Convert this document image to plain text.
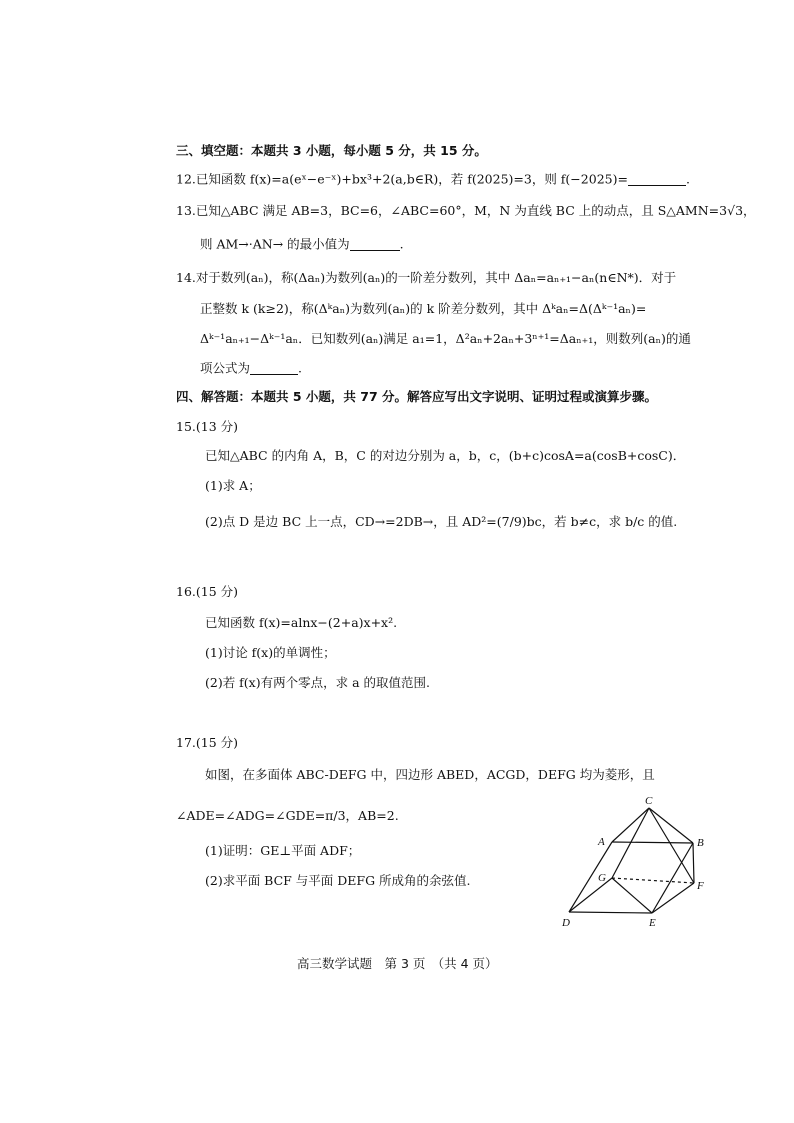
三、填空题：本题共 3 小题，每小题 5 分，共 15 分。
12.已知函数 f(x)=a(eˣ−e⁻ˣ)+bx³+2(a,b∈R)，若 f(2025)=3，则 f(−2025)=	.
13.已知△ABC 满足 AB=3，BC=6，∠ABC=60°，M，N 为直线 BC 上的动点，且 S△AMN=3√3，
则 AM→·AN→ 的最小值为	.
14.对于数列(aₙ)，称(Δaₙ)为数列(aₙ)的一阶差分数列，其中 Δaₙ=aₙ₊₁−aₙ(n∈N*)．对于
正整数 k (k≥2)，称(Δᵏaₙ)为数列(aₙ)的 k 阶差分数列，其中 Δᵏaₙ=Δ(Δᵏ⁻¹aₙ)=
Δᵏ⁻¹aₙ₊₁−Δᵏ⁻¹aₙ．已知数列(aₙ)满足 a₁=1，Δ²aₙ+2aₙ+3ⁿ⁺¹=Δaₙ₊₁，则数列(aₙ)的通
项公式为	.
四、解答题：本题共 5 小题，共 77 分。解答应写出文字说明、证明过程或演算步骤。
15.(13 分)
已知△ABC 的内角 A，B，C 的对边分别为 a，b，c，(b+c)cosA=a(cosB+cosC)．
(1)求 A；
(2)点 D 是边 BC 上一点，CD→=2DB→，且 AD²=(7/9)bc，若 b≠c，求 b/c 的值.
16.(15 分)
已知函数 f(x)=alnx−(2+a)x+x².
(1)讨论 f(x)的单调性；
(2)若 f(x)有两个零点，求 a 的取值范围.
17.(15 分)
如图，在多面体 ABC-DEFG 中，四边形 ABED，ACGD，DEFG 均为菱形，且
∠ADE=∠ADG=∠GDE=π/3，AB=2.
(1)证明：GE⊥平面 ADF；
(2)求平面 BCF 与平面 DEFG 所成角的余弦值.
C
A	B
G
F
D	E
高三数学试题　第 3 页　（共 4 页）
